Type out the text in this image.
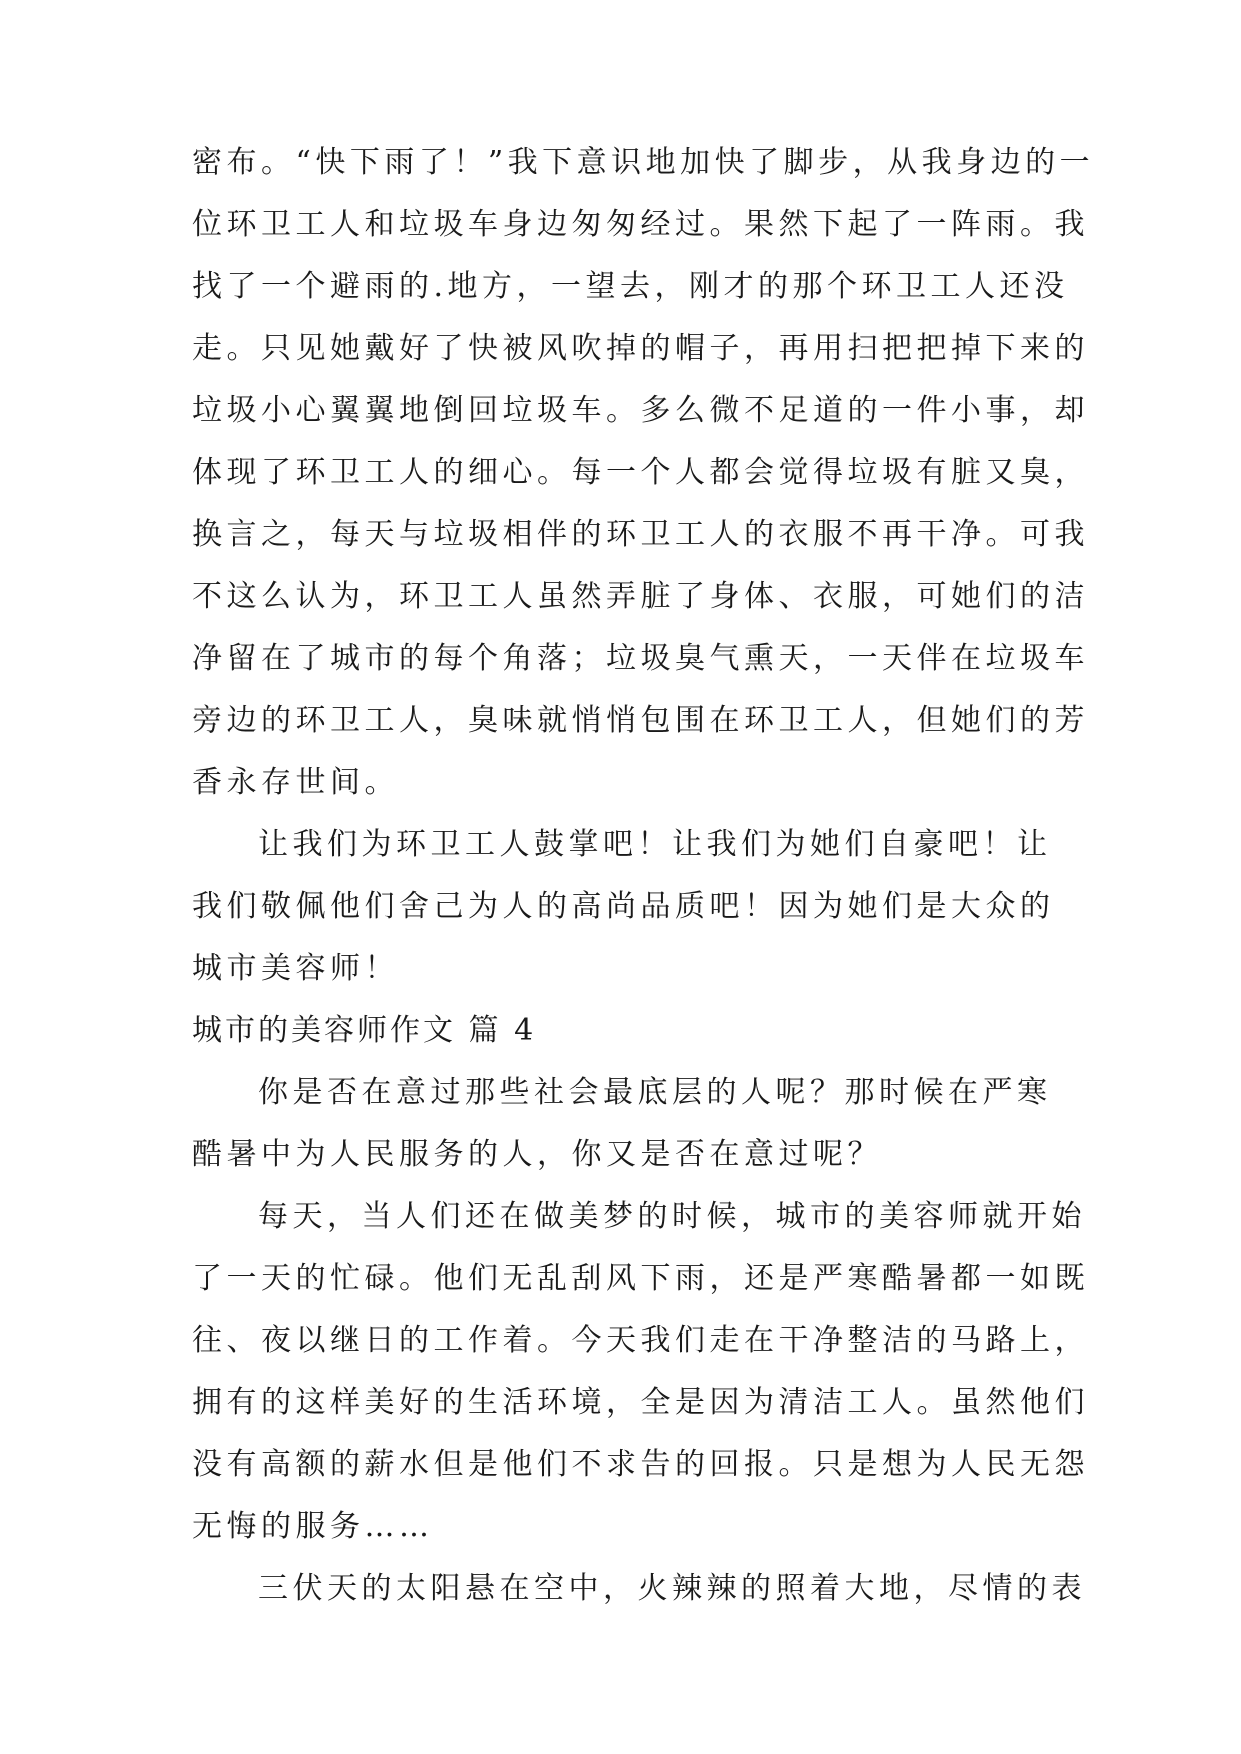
密布。“快下雨了！”我下意识地加快了脚步，从我身边的一
位环卫工人和垃圾车身边匆匆经过。果然下起了一阵雨。我
找了一个避雨的.地方，一望去，刚才的那个环卫工人还没
走。只见她戴好了快被风吹掉的帽子，再用扫把把掉下来的
垃圾小心翼翼地倒回垃圾车。多么微不足道的一件小事，却
体现了环卫工人的细心。每一个人都会觉得垃圾有脏又臭，
换言之，每天与垃圾相伴的环卫工人的衣服不再干净。可我
不这么认为，环卫工人虽然弄脏了身体、衣服，可她们的洁
净留在了城市的每个角落；垃圾臭气熏天，一天伴在垃圾车
旁边的环卫工人，臭味就悄悄包围在环卫工人，但她们的芳
香永存世间。
让我们为环卫工人鼓掌吧！让我们为她们自豪吧！让
我们敬佩他们舍己为人的高尚品质吧！因为她们是大众的
城市美容师！
城市的美容师作文 篇 4
你是否在意过那些社会最底层的人呢？那时候在严寒
酷暑中为人民服务的人，你又是否在意过呢？
每天，当人们还在做美梦的时候，城市的美容师就开始
了一天的忙碌。他们无乱刮风下雨，还是严寒酷暑都一如既
往、夜以继日的工作着。今天我们走在干净整洁的马路上，
拥有的这样美好的生活环境，全是因为清洁工人。虽然他们
没有高额的薪水但是他们不求告的回报。只是想为人民无怨
无悔的服务……
三伏天的太阳悬在空中，火辣辣的照着大地，尽情的表
